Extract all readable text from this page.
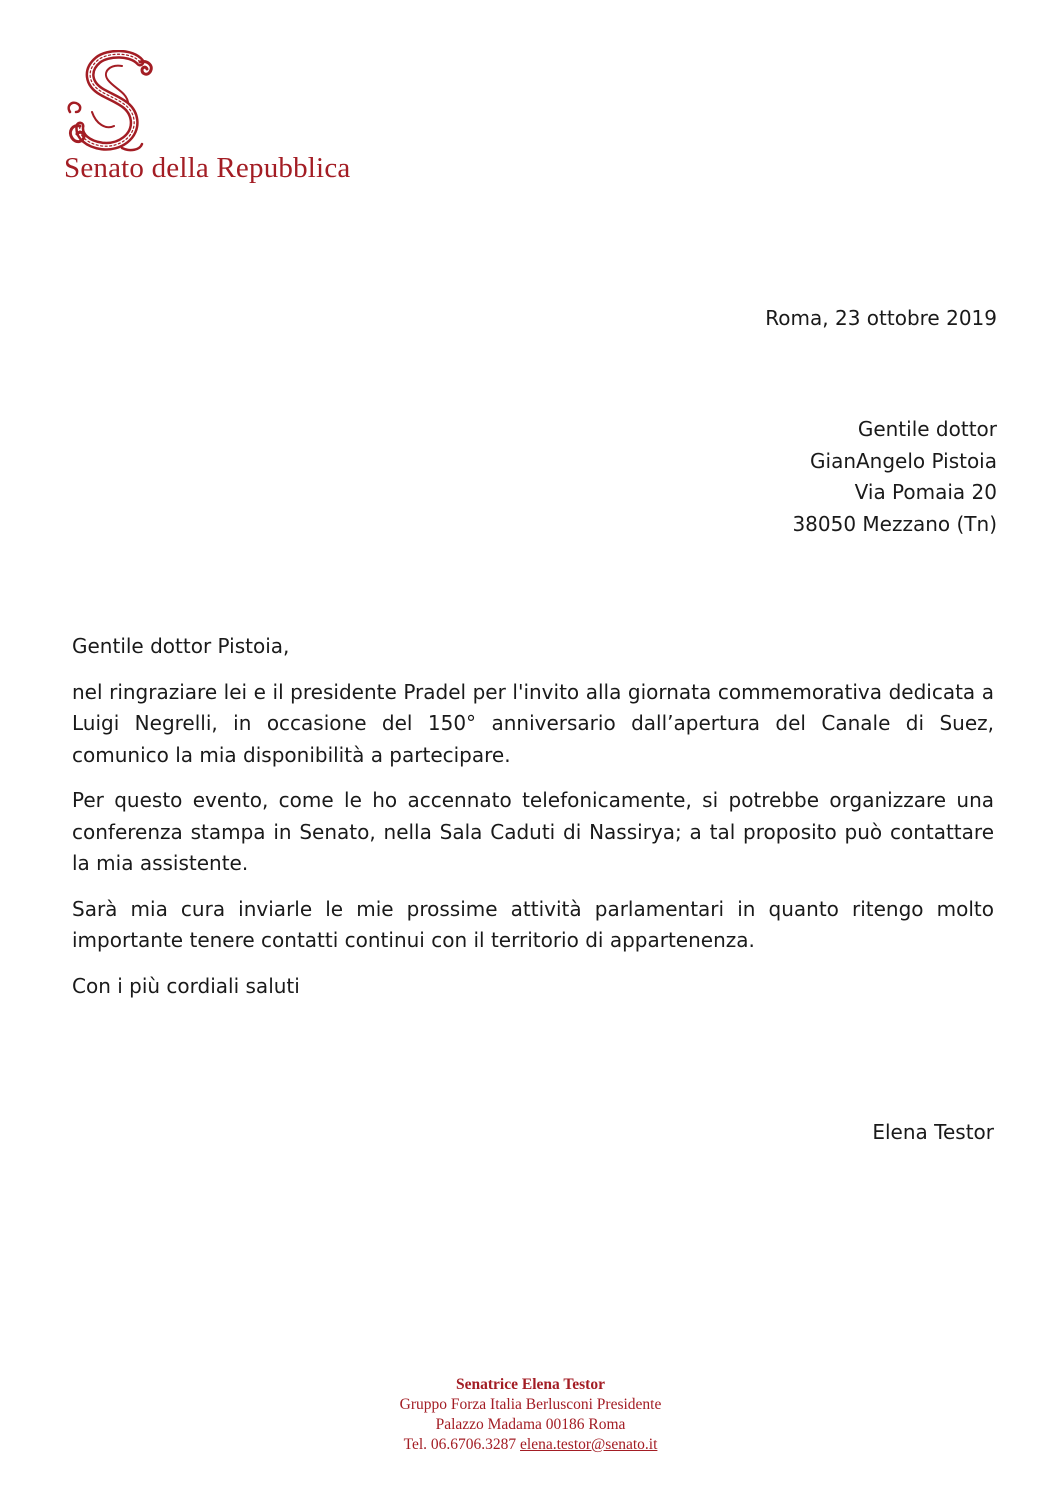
Senato della Repubblica
Roma, 23 ottobre 2019
Gentile dottor
GianAngelo Pistoia
Via Pomaia 20
38050 Mezzano (Tn)

Gentile dottor Pistoia,

nel ringraziare lei e il presidente Pradel per l'invito alla giornata commemorativa dedicata a Luigi Negrelli, in occasione del 150° anniversario dall’apertura del Canale di Suez, comunico la mia disponibilità a partecipare.

Per questo evento, come le ho accennato telefonicamente, si potrebbe organizzare una conferenza stampa in Senato, nella Sala Caduti di Nassirya; a tal proposito può contattare la mia assistente.

Sarà mia cura inviarle le mie prossime attività parlamentari in quanto ritengo molto importante tenere contatti continui con il territorio di appartenenza.

Con i più cordiali saluti

Elena Testor
Senatrice Elena Testor
Gruppo Forza Italia Berlusconi Presidente
Palazzo Madama 00186 Roma
Tel. 06.6706.3287 elena.testor@senato.it
